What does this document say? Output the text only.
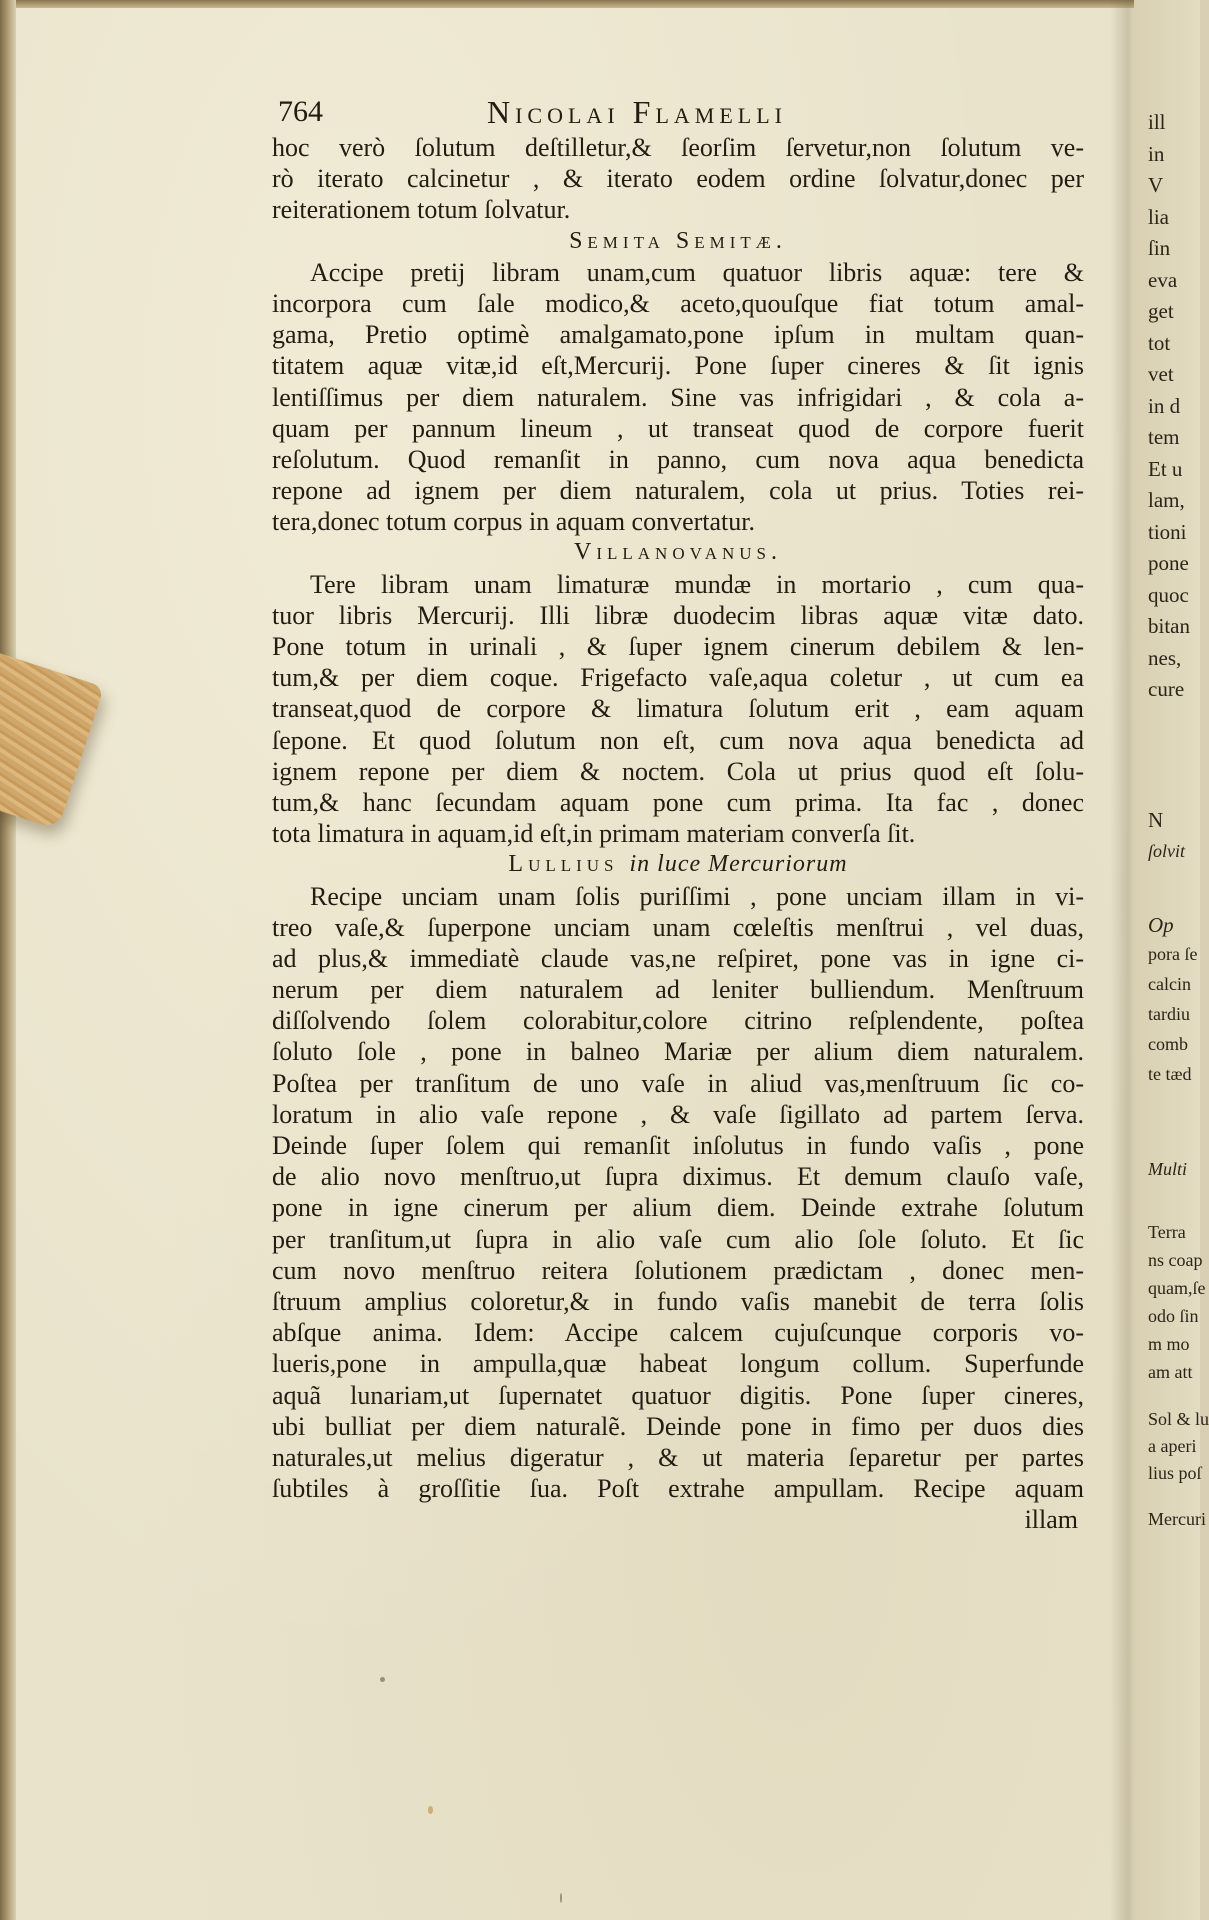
ill
in
V
lia
ſin
eva
get
tot
vet
in d
tem
Et u
lam,
tioni
pone
quoc
bitan
nes,
cure
N
ſolvit
Op
pora ſe
calcin
tardiu
comb
te tæd
Multi
Terra
ns coap
quam,ſe
odo ſin
m mo
am att
Sol & lu
a aperi
lius poſ
Mercuri
764	Nicolai Flamelli
hoc verò ſolutum deſtilletur,& ſeorſim ſervetur,non ſolutum ve-
rò iterato calcinetur , & iterato eodem ordine ſolvatur,donec per
reiterationem totum ſolvatur.
Semita Semitæ.
Accipe pretij libram unam,cum quatuor libris aquæ: tere &
incorpora cum ſale modico,& aceto,quouſque fiat totum amal-
gama, Pretio optimè amalgamato,pone ipſum in multam quan-
titatem aquæ vitæ,id eſt,Mercurij. Pone ſuper cineres & ſit ignis
lentiſſimus per diem naturalem. Sine vas infrigidari , & cola a-
quam per pannum lineum , ut transeat quod de corpore fuerit
reſolutum. Quod remanſit in panno, cum nova aqua benedicta
repone ad ignem per diem naturalem, cola ut prius. Toties rei-
tera,donec totum corpus in aquam convertatur.
Villanovanus.
Tere libram unam limaturæ mundæ in mortario , cum qua-
tuor libris Mercurij. Illi libræ duodecim libras aquæ vitæ dato.
Pone totum in urinali , & ſuper ignem cinerum debilem & len-
tum,& per diem coque. Frigefacto vaſe,aqua coletur , ut cum ea
transeat,quod de corpore & limatura ſolutum erit , eam aquam
ſepone. Et quod ſolutum non eſt, cum nova aqua benedicta ad
ignem repone per diem & noctem. Cola ut prius quod eſt ſolu-
tum,& hanc ſecundam aquam pone cum prima. Ita fac , donec
tota limatura in aquam,id eſt,in primam materiam converſa ſit.
Lullius in luce Mercuriorum
Recipe unciam unam ſolis puriſſimi , pone unciam illam in vi-
treo vaſe,& ſuperpone unciam unam cœleſtis menſtrui , vel duas,
ad plus,& immediatè claude vas,ne reſpiret, pone vas in igne ci-
nerum per diem naturalem ad leniter bulliendum. Menſtruum
diſſolvendo ſolem colorabitur,colore citrino reſplendente, poſtea
ſoluto ſole , pone in balneo Mariæ per alium diem naturalem.
Poſtea per tranſitum de uno vaſe in aliud vas,menſtruum ſic co-
loratum in alio vaſe repone , & vaſe ſigillato ad partem ſerva.
Deinde ſuper ſolem qui remanſit inſolutus in fundo vaſis , pone
de alio novo menſtruo,ut ſupra diximus. Et demum clauſo vaſe,
pone in igne cinerum per alium diem. Deinde extrahe ſolutum
per tranſitum,ut ſupra in alio vaſe cum alio ſole ſoluto. Et ſic
cum novo menſtruo reitera ſolutionem prædictam , donec men-
ſtruum amplius coloretur,& in fundo vaſis manebit de terra ſolis
abſque anima. Idem: Accipe calcem cujuſcunque corporis vo-
lueris,pone in ampulla,quæ habeat longum collum. Superfunde
aquã lunariam,ut ſupernatet quatuor digitis. Pone ſuper cineres,
ubi bulliat per diem naturalẽ. Deinde pone in fimo per duos dies
naturales,ut melius digeratur , & ut materia ſeparetur per partes
ſubtiles à groſſitie ſua. Poſt extrahe ampullam. Recipe aquam
illam
